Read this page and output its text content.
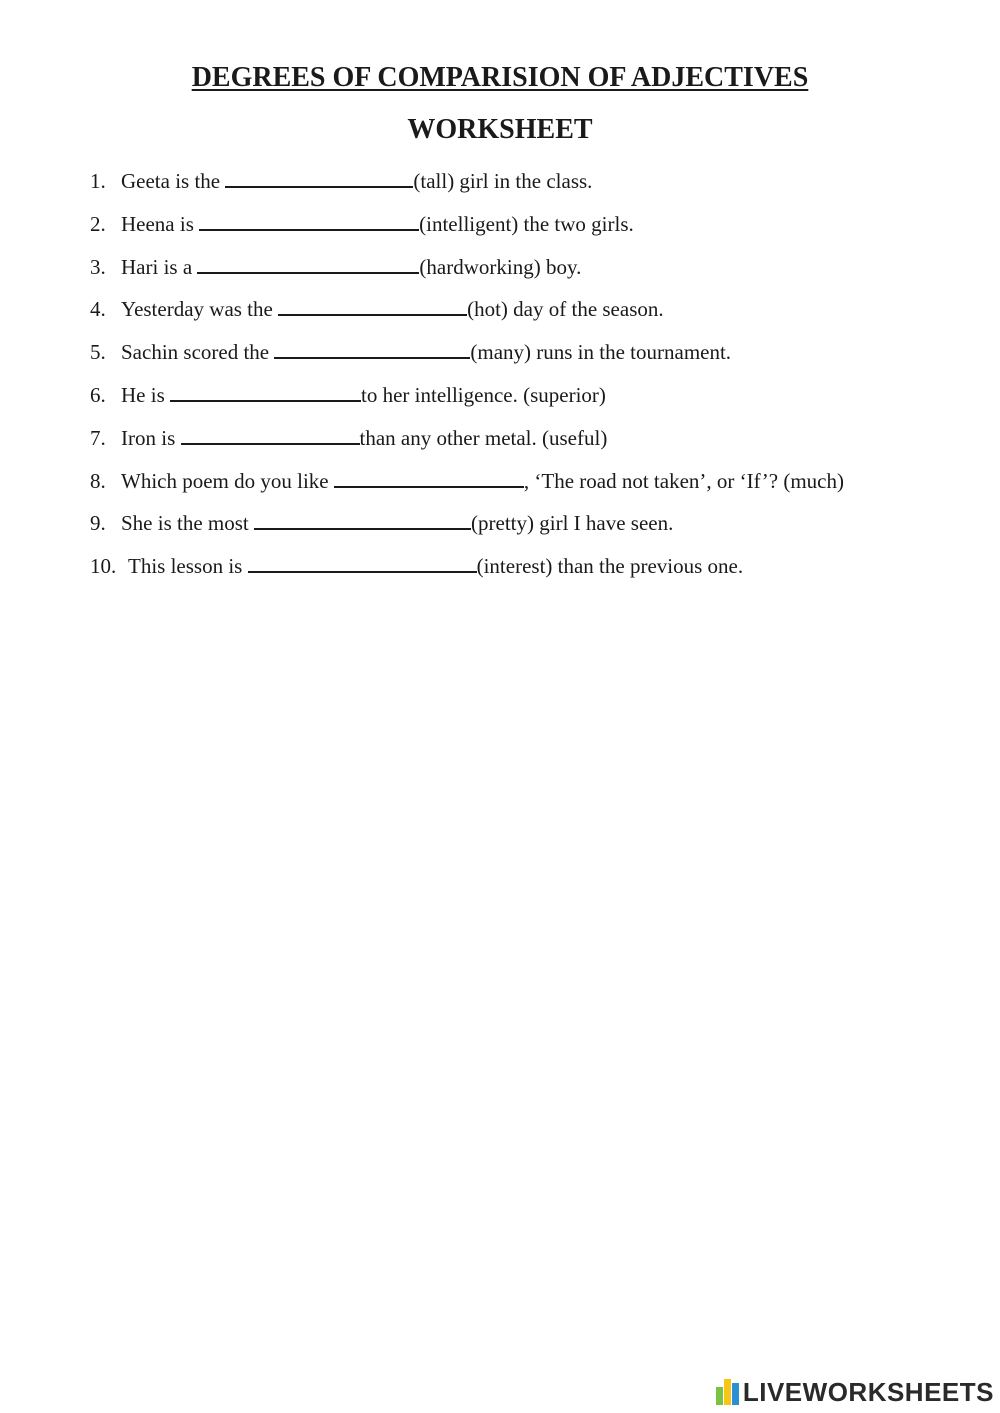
DEGREES OF COMPARISION OF ADJECTIVES
WORKSHEET
1. Geeta is the	(tall) girl in the class.
2. Heena is	(intelligent) the two girls.
3. Hari is a	(hardworking) boy.
4. Yesterday was the	(hot) day of the season.
5. Sachin scored the	(many) runs in the tournament.
6. He is	to her intelligence. (superior)
7. Iron is	than any other metal. (useful)
8. Which poem do you like	, ‘The road not taken’, or ‘If’? (much)
9. She is the most	(pretty) girl I have seen.
10. This lesson is	(interest) than the previous one.
LIVEWORKSHEETS
